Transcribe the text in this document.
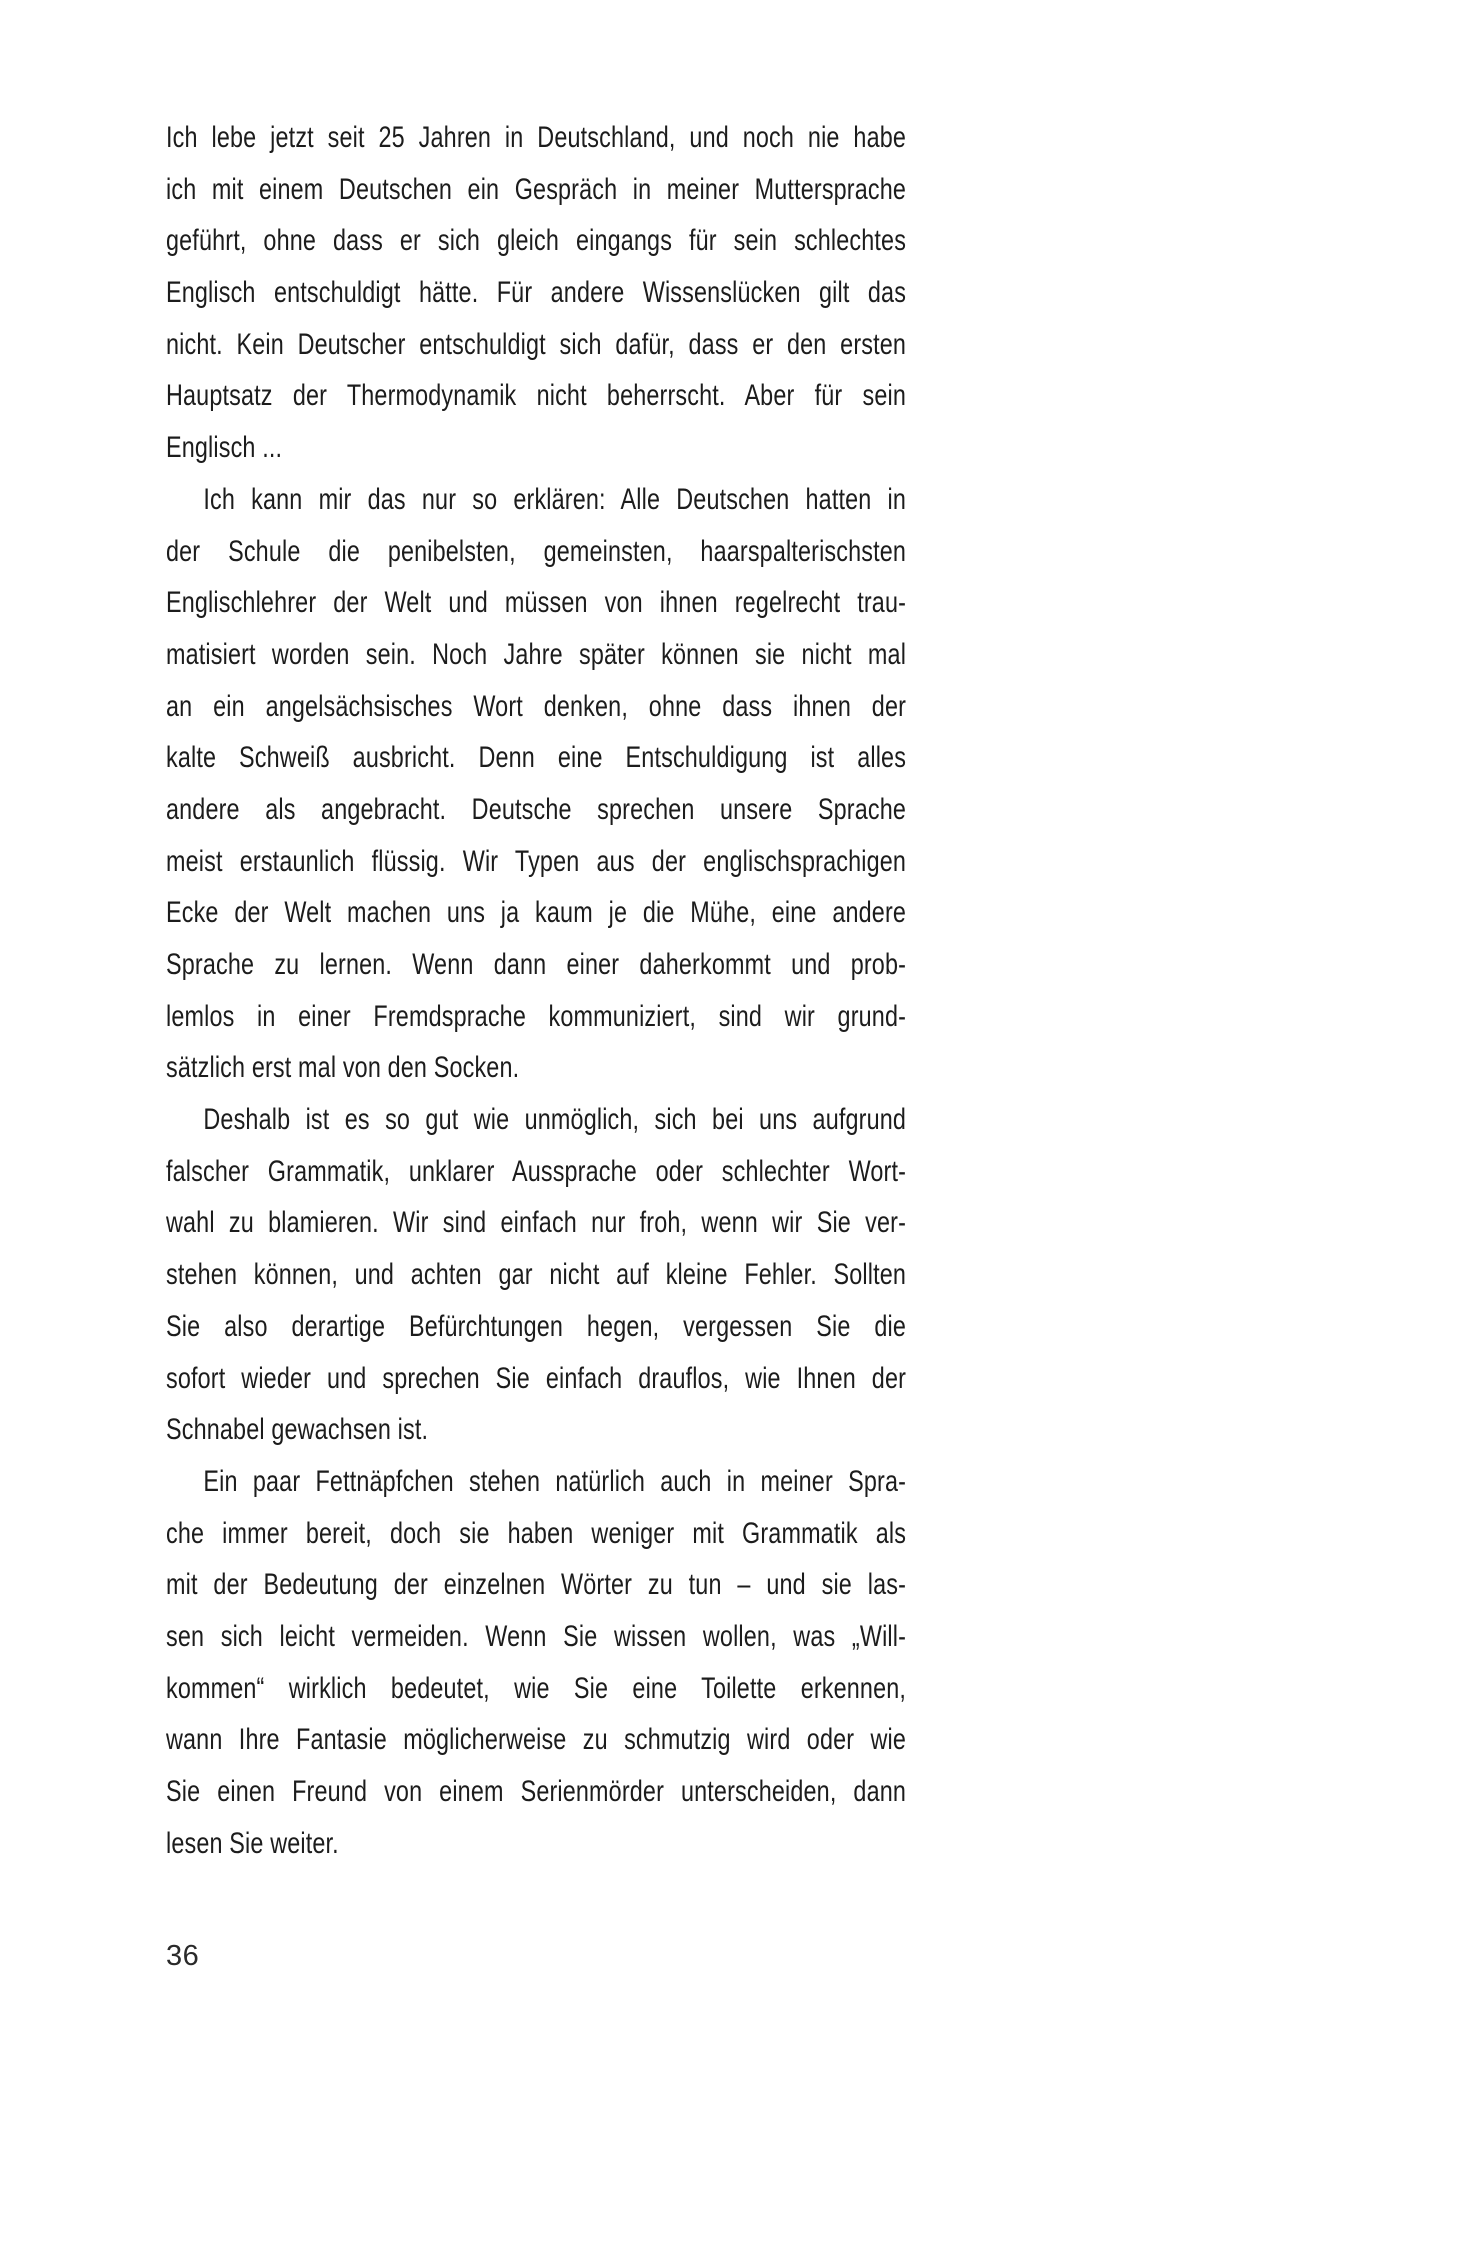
Ich lebe jetzt seit 25 Jahren in Deutschland, und noch nie habe
ich mit einem Deutschen ein Gespräch in meiner Muttersprache
geführt, ohne dass er sich gleich eingangs für sein schlechtes
Englisch entschuldigt hätte. Für andere Wissenslücken gilt das
nicht. Kein Deutscher entschuldigt sich dafür, dass er den ersten
Hauptsatz der Thermodynamik nicht beherrscht. Aber für sein
Englisch ...
Ich kann mir das nur so erklären: Alle Deutschen hatten in
der Schule die penibelsten, gemeinsten, haarspalterischsten
Englischlehrer der Welt und müssen von ihnen regelrecht trau-
matisiert worden sein. Noch Jahre später können sie nicht mal
an ein angelsächsisches Wort denken, ohne dass ihnen der
kalte Schweiß ausbricht. Denn eine Entschuldigung ist alles
andere als angebracht. Deutsche sprechen unsere Sprache
meist erstaunlich flüssig. Wir Typen aus der englischsprachigen
Ecke der Welt machen uns ja kaum je die Mühe, eine andere
Sprache zu lernen. Wenn dann einer daherkommt und prob-
lemlos in einer Fremdsprache kommuniziert, sind wir grund-
sätzlich erst mal von den Socken.
Deshalb ist es so gut wie unmöglich, sich bei uns aufgrund
falscher Grammatik, unklarer Aussprache oder schlechter Wort-
wahl zu blamieren. Wir sind einfach nur froh, wenn wir Sie ver-
stehen können, und achten gar nicht auf kleine Fehler. Sollten
Sie also derartige Befürchtungen hegen, vergessen Sie die
sofort wieder und sprechen Sie einfach drauflos, wie Ihnen der
Schnabel gewachsen ist.
Ein paar Fettnäpfchen stehen natürlich auch in meiner Spra-
che immer bereit, doch sie haben weniger mit Grammatik als
mit der Bedeutung der einzelnen Wörter zu tun – und sie las-
sen sich leicht vermeiden. Wenn Sie wissen wollen, was „Will-
kommen“ wirklich bedeutet, wie Sie eine Toilette erkennen,
wann Ihre Fantasie möglicherweise zu schmutzig wird oder wie
Sie einen Freund von einem Serienmörder unterscheiden, dann
lesen Sie weiter.
36
